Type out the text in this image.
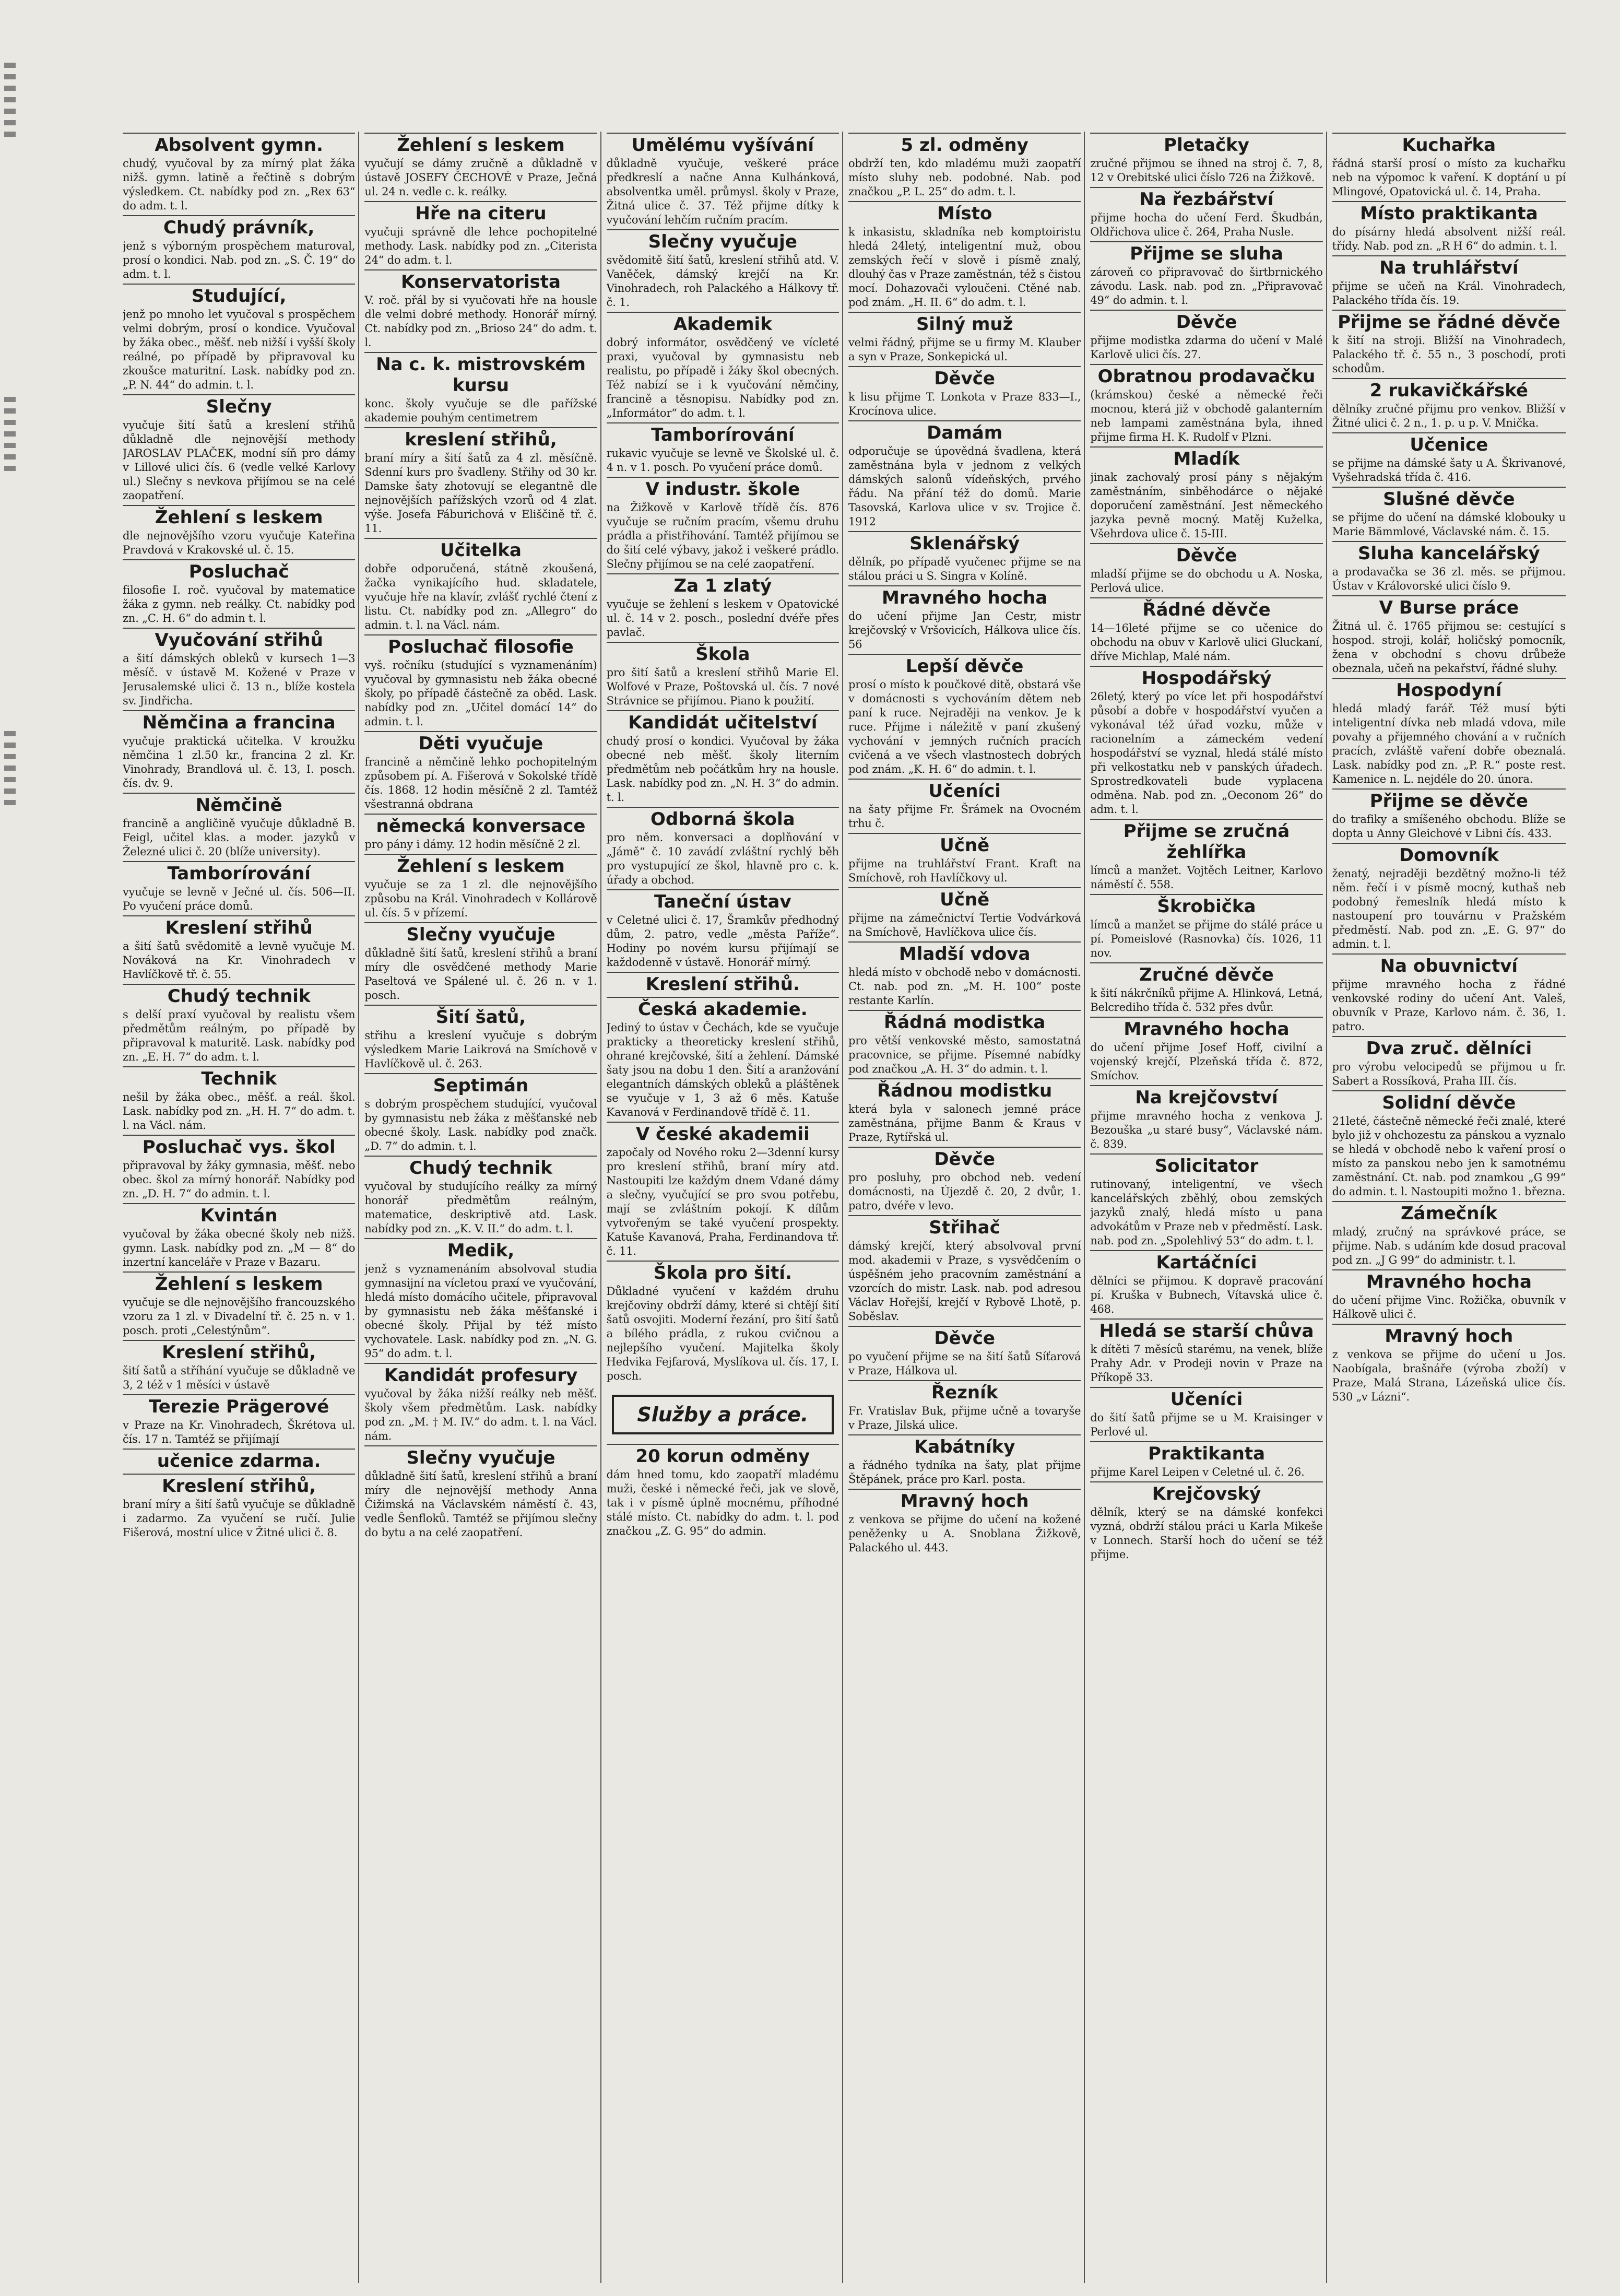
Absolvent gymn.
chudý, vyučoval by za mírný plat žáka nižš. gymn. latině a řečtině s dobrým výsledkem. Ct. nabídky pod zn. „Rex 63“ do adm. t. l.
Chudý právník,
jenž s výborným prospěchem maturoval, prosí o kondici. Nab. pod zn. „S. Č. 19“ do adm. t. l.
Studující,
jenž po mnoho let vyučoval s prospěchem velmi dobrým, prosí o kondice. Vyučoval by žáka obec., měšť. neb nižší i vyšší školy reálné, po případě by připravoval ku zkoušce maturitní. Lask. nabídky pod zn. „P. N. 44“ do admin. t. l.
Slečny
vyučuje šití šatů a kreslení střihů důkladně dle nejnovější methody JAROSLAV PLAČEK, modní síň pro dámy v Lillové ulici čís. 6 (vedle velké Karlovy ul.) Slečny s nevkova přijímou se na celé zaopatření.
Žehlení s leskem
dle nejnovějšího vzoru vyučuje Kateřina Pravdová v Krakovské ul. č. 15.
Posluchač
filosofie I. roč. vyučoval by matematice žáka z gymn. neb reálky. Ct. nabídky pod zn. „C. H. 6“ do admin t. l.
Vyučování střihů
a šití dámských obleků v kursech 1—3 měsíč. v ústavě M. Kožené v Praze v Jerusalemské ulici č. 13 n., blíže kostela sv. Jindřicha.
Němčina a francina
vyučuje praktická učitelka. V kroužku němčina 1 zl.50 kr., francina 2 zl. Kr. Vinohrady, Brandlová ul. č. 13, I. posch. čís. dv. 9.
Němčině
francině a angličině vyučuje důkladně B. Feigl, učitel klas. a moder. jazyků v Železné ulici č. 20 (blíže university).
Tamborírování
vyučuje se levně v Ječné ul. čís. 506—II. Po vyučení práce domů.
Kreslení střihů
a šití šatů svědomitě a levně vyučuje M. Nováková na Kr. Vinohradech v Havlíčkově tř. č. 55.
Chudý technik
s delší praxí vyučoval by realistu všem předmětům reálným, po případě by připravoval k maturitě. Lask. nabídky pod zn. „E. H. 7“ do adm. t. l.
Technik
nešil by žáka obec., měšť. a reál. škol. Lask. nabídky pod zn. „H. H. 7“ do adm. t. l. na Václ. nám.
Posluchač vys. škol
připravoval by žáky gymnasia, měšť. nebo obec. škol za mírný honorář. Nabídky pod zn. „D. H. 7“ do admin. t. l.
Kvintán
vyučoval by žáka obecné školy neb nižš. gymn. Lask. nabídky pod zn. „M — 8“ do inzertní kanceláře v Praze v Bazaru.
Žehlení s leskem
vyučuje se dle nejnovějšího francouzského vzoru za 1 zl. v Divadelní tř. č. 25 n. v 1. posch. proti „Celestýnům“.
Kreslení střihů,
šití šatů a stříhání vyučuje se důkladně ve 3, 2 též v 1 měsíci v ústavě
Terezie Prägerové
v Praze na Kr. Vinohradech, Škrétova ul. čís. 17 n. Tamtéž se přijímají
učenice zdarma.
Kreslení střihů,
braní míry a šití šatů vyučuje se důkladně i zadarmo. Za vyučení se ručí. Julie Fišerová, mostní ulice v Žitné ulici č. 8.
Žehlení s leskem
vyučují se dámy zručně a důkladně v ústavě JOSEFY ČECHOVÉ v Praze, Ječná ul. 24 n. vedle c. k. reálky.
Hře na citeru
vyučuji správně dle lehce pochopitelné methody. Lask. nabídky pod zn. „Citeristа 24“ do adm. t. l.
Konservatorista
V. roč. přál by si vyučovati hře na housle dle velmi dobré methody. Honorář mírný. Ct. nabídky pod zn. „Brioso 24“ do adm. t. l.
Na c. k. mistrovském kursu
konc. školy vyučuje se dle pařížské akademie pouhým centimetrem
kreslení střihů,
braní míry a šití šatů za 4 zl. měsíčně. Sdenní kurs pro švadleny. Střihy od 30 kr. Damske šaty zhotovují se elegantně dle nejnovějších pařížských vzorů od 4 zlat. výše. Josefa Fáburichová v Eliščině tř. č. 11.
Učitelka
dobře odporučená, státně zkoušená, žačka vynikajícího hud. skladatele, vyučuje hře na klavír, zvlášť rychlé čtení z listu. Ct. nabídky pod zn. „Allegro“ do admin. t. l. na Václ. nám.
Posluchač filosofie
vyš. ročníku (studující s vyznamenáním) vyučoval by gymnasistu neb žáka obecné školy, po případě částečně za oběd. Lask. nabídky pod zn. „Učitel domácí 14“ do admin. t. l.
Děti vyučuje
francině a němčině lehko pochopitelným způsobem pí. A. Fišerová v Sokolské třídě čís. 1868. 12 hodin měsíčně 2 zl. Tamtéž všestranná obdrana
německá konversace
pro pány i dámy. 12 hodin měsíčně 2 zl.
Žehlení s leskem
vyučuje se za 1 zl. dle nejnovějšího způsobu na Král. Vinohradech v Kollárově ul. čís. 5 v přízemí.
Slečny vyučuje
důkladně šití šatů, kreslení střihů a braní míry dle osvědčené methody Marie Paseltová ve Spálené ul. č. 26 n. v 1. posch.
Šití šatů,
střihu a kreslení vyučuje s dobrým výsledkem Marie Laikrová na Smíchově v Havlíčkově ul. č. 263.
Septimán
s dobrým prospěchem studující, vyučoval by gymnasistu neb žáka z měšťanské neb obecné školy. Lask. nabídky pod značk. „D. 7“ do admin. t. l.
Chudý technik
vyučoval by studujícího reálky za mírný honorář předmětům reálným, matematice, deskriptivě atd. Lask. nabídky pod zn. „K. V. II.“ do adm. t. l.
Medik,
jenž s vyznamenáním absolvoval studia gymnasijní na vícletou praxí ve vyučování, hledá místo domácího učitele, připravoval by gymnasistu neb žáka měšťanské i obecné školy. Přijal by též místo vychovatele. Lask. nabídky pod zn. „N. G. 95“ do adm. t. l.
Kandidát profesury
vyučoval by žáka nižší reálky neb měšť. školy všem předmětům. Lask. nabídky pod zn. „M. † M. IV.“ do adm. t. l. na Václ. nám.
Slečny vyučuje
důkladně šití šatů, kreslení střihů a braní míry dle nejnovější methody Anna Čižimská na Václavském náměstí č. 43, vedle Šenfloků. Tamtéž se přijímou slečny do bytu a na celé zaopatření.
Umělému vyšívání
důkladně vyučuje, veškeré práce předkreslí a načne Anna Kulhánková, absolventka uměl. průmysl. školy v Praze, Žitná ulice č. 37. Též přijme dítky k vyučování lehčím ručním pracím.
Slečny vyučuje
svědomitě šití šatů, kreslení střihů atd. V. Vaněček, dámský krejčí na Kr. Vinohradech, roh Palackého a Hálkovy tř. č. 1.
Akademik
dobrý informátor, osvědčený ve vícleté praxi, vyučoval by gymnasistu neb realistu, po případě i žáky škol obecných. Též nabízí se i k vyučování němčiny, francině a těsnopisu. Nabídky pod zn. „Informátor“ do adm. t. l.
Tamborírování
rukavic vyučuje se levně ve Školské ul. č. 4 n. v 1. posch. Po vyučení práce domů.
V industr. škole
na Žižkově v Karlově třídě čís. 876 vyučuje se ručním pracím, všemu druhu prádla a přistřihování. Tamtéž přijímou se do šití celé výbavy, jakož i veškeré prádlo. Slečny přijímou se na celé zaopatření.
Za 1 zlatý
vyučuje se žehlení s leskem v Opatovické ul. č. 14 v 2. posch., poslední dvéře přes pavlač.
Škola
pro šití šatů a kreslení střihů Marie El. Wolfové v Praze, Poštovská ul. čís. 7 nové Strávnice se přijímou. Piano k použití.
Kandidát učitelství
chudý prosí o kondici. Vyučoval by žáka obecné neb měšť. školy literním předmětům neb počátkům hry na housle. Lask. nabídky pod zn. „N. H. 3“ do admin. t. l.
Odborná škola
pro něm. konversaci a doplňování v „Jámě“ č. 10 zavádí zvláštní rychlý běh pro vystupující ze škol, hlavně pro c. k. úřady a obchod.
Taneční ústav
v Celetné ulici č. 17, Šramkův předhodný dům, 2. patro, vedle „města Paříže“. Hodiny po novém kursu přijímají se každodenně v ústavě. Honorář mírný.
Kreslení střihů.
Česká akademie.
Jediný to ústav v Čechách, kde se vyučuje prakticky a theoreticky kreslení střihů, ohrané krejčovské, šití a žehlení. Dámské šaty jsou na dobu 1 den. Šití a aranžování elegantních dámských obleků a pláštěnek se vyučuje v 1, 3 až 6 měs. Katuše Kavanová v Ferdinandově třídě č. 11.
V české akademii
započaly od Nového roku 2—3denní kursy pro kreslení střihů, braní míry atd. Nastoupiti lze každým dnem Vdané dámy a slečny, vyučující se pro svou potřebu, mají se zvláštním pokojí. K dílům vytvořeným se také vyučení prospekty. Katuše Kavanová, Praha, Ferdinandova tř. č. 11.
Škola pro šití.
Důkladné vyučení v každém druhu krejčoviny obdrží dámy, které si chtějí šití šatů osvojiti. Moderní řezání, pro šití šatů a bílého prádla, z rukou cvičnou a nejlepšího vyučení. Majitelka školy Hedvika Fejfarová, Myslíkova ul. čís. 17, I. posch.
Služby a práce.
20 korun odměny
dám hned tomu, kdo zaopatří mladému muži, české i německé řeči, jak ve slově, tak i v písmě úplně mocnému, příhodné stálé místo. Ct. nabídky do adm. t. l. pod značkou „Z. G. 95“ do admin.
5 zl. odměny
obdrží ten, kdo mladému muži zaopatří místo sluhy neb. podobné. Nab. pod značkou „P. L. 25“ do adm. t. l.
Místo
k inkasistu, skladníka neb komptoiristu hledá 24letý, inteligentní muž, obou zemských řečí v slově i písmě znalý, dlouhý čas v Praze zaměstnán, též s čistou mocí. Dohazovači vyloučeni. Ctěné nab. pod znám. „H. II. 6“ do adm. t. l.
Silný muž
velmi řádný, přijme se u firmy M. Klauber a syn v Praze, Sonkepická ul.
Děvče
k lisu přijme T. Lonkota v Praze 833—I., Krocínova ulice.
Damám
odporučuje se úpovědná švadlena, která zaměstnána byla v jednom z velkých dámských salonů vídeňských, prvého řádu. Na přání též do domů. Marie Tasovská, Karlova ulice v sv. Trojice č. 1912
Sklenářský
dělník, po případě vyučenec přijme se na stálou práci u S. Singra v Kolíně.
Mravného hocha
do učení přijme Jan Cestr, mistr krejčovský v Vršovicích, Hálkova ulice čís. 56
Lepší děvče
prosí o místo k poučkové ditě, obstará vše v domácnosti s vychováním dětem neb paní k ruce. Nejraději na venkov. Je k ruce. Přijme i náležitě v paní zkušený vychování v jemných ručních pracích cvičená a ve všech vlastnostech dobrých pod znám. „K. H. 6“ do admin. t. l.
Učeníci
na šaty přijme Fr. Šrámek na Ovocném trhu č.
Učně
přijme na truhlářství Frant. Kraft na Smíchově, roh Havlíčkovy ul.
Učně
přijme na zámečnictví Tertie Vodvárková na Smíchově, Havlíčkova ulice čís.
Mladší vdova
hledá místo v obchodě nebo v domácnosti. Ct. nab. pod zn. „M. H. 100“ poste restante Karlín.
Řádná modistka
pro větší venkovské město, samostatná pracovnice, se přijme. Písemné nabídky pod značkou „A. H. 3“ do admin. t. l.
Řádnou modistku
která byla v salonech jemné práce zaměstnána, přijme Banm & Kraus v Praze, Rytířská ul.
Děvče
pro posluhy, pro obchod neb. vedení domácnosti, na Újezdě č. 20, 2 dvůr, 1. patro, dvéře v levo.
Střihač
dámský krejčí, který absolvoval první mod. akademii v Praze, s vysvědčením o úspěšném jeho pracovním zaměstnání a vzorcích do mistr. Lask. nab. pod adresou Václav Hořejší, krejčí v Rybově Lhotě, p. Soběslav.
Děvče
po vyučení přijme se na šití šatů Síťarová v Praze, Hálkova ul.
Řezník
Fr. Vratislav Buk, přijme učně a tovaryše v Praze, Jilská ulice.
Kabátníky
a řádného tydníka na šaty, plat přijme Štěpánek, práce pro Karl. posta.
Mravný hoch
z venkova se přijme do učení na kožené peněženky u A. Snoblana Žižkově, Palackého ul. 443.
Pletačky
zručné přijmou se ihned na stroj č. 7, 8, 12 v Orebitské ulici číslo 726 na Žižkově.
Na řezbářství
přijme hocha do učení Ferd. Škudbán, Oldřichova ulice č. 264, Praha Nusle.
Přijme se sluha
zároveň co připravovač do širtbrnického závodu. Lask. nab. pod zn. „Připravovač 49“ do admin. t. l.
Děvče
přijme modistka zdarma do učení v Malé Karlově ulici čís. 27.
Obratnou prodavačku
(krámskou) české a německé řeči mocnou, která již v obchodě galanterním neb lampami zaměstnána byla, ihned přijme firma H. K. Rudolf v Plzni.
Mladík
jinak zachovalý prosí pány s nějakým zaměstnáním, sinběhodárce o nějaké doporučení zaměstnání. Jest německého jazyka pevně mocný. Matěj Kuželka, Všehrdova ulice č. 15-III.
Děvče
mladší přijme se do obchodu u A. Noska, Perlová ulice.
Řádné děvče
14—16leté přijme se co učenice do obchodu na obuv v Karlově ulici Gluckaní, dříve Michlap, Malé nám.
Hospodářský
26letý, který po více let při hospodářství působí a dobře v hospodářství vyučen a vykonával též úřad vozku, může v racionelním a zámeckém vedení hospodářství se vyznal, hledá stálé místo při velkostatku neb v panských úřadech. Sprostredkovateli bude vyplacena odměna. Nab. pod zn. „Oeconom 26“ do adm. t. l.
Přijme se zručná žehlířka
límců a manžet. Vojtěch Leitner, Karlovo náměstí č. 558.
Škrobička
límců a manžet se přijme do stálé práce u pí. Pomeislové (Rasnovka) čís. 1026, 11 nov.
Zručné děvče
k šití nákrčníků přijme A. Hlinková, Letná, Belcrediho třída č. 532 přes dvůr.
Mravného hocha
do učení přijme Josef Hoff, civilní a vojenský krejčí, Plzeňská třída č. 872, Smíchov.
Na krejčovství
přijme mravného hocha z venkova J. Bezouška „u staré busy“, Václavské nám. č. 839.
Solicitator
rutinovaný, inteligentní, ve všech kancelářských zběhlý, obou zemských jazyků znalý, hledá místo u pana advokátům v Praze neb v předměstí. Lask. nab. pod zn. „Spolehlivý 53“ do adm. t. l.
Kartáčníci
dělníci se přijmou. K dopravě pracování pí. Kruška v Bubnech, Vítavská ulice č. 468.
Hledá se starší chůva
k dítěti 7 měsíců starému, na venek, blíže Prahy Adr. v Prodeji novin v Praze na Příkopě 33.
Učeníci
do šití šatů přijme se u M. Kraisinger v Perlové ul.
Praktikanta
přijme Karel Leipen v Celetné ul. č. 26.
Krejčovský
dělník, který se na dámské konfekci vyzná, obdrží stálou práci u Karla Mikeše v Lonnech. Starší hoch do učení se též přijme.
Kuchařka
řádná starší prosí o místo za kuchařku neb na výpomoc k vaření. K doptání u pí Mlingové, Opatovická ul. č. 14, Praha.
Místo praktikanta
do písárny hledá absolvent nižší reál. třídy. Nab. pod zn. „R H 6“ do admin. t. l.
Na truhlářství
přijme se učeň na Král. Vinohradech, Palackého třída čís. 19.
Přijme se řádné děvče
k šití na stroji. Bližší na Vinohradech, Palackého tř. č. 55 n., 3 poschodí, proti schodům.
2 rukavičkářské
dělníky zručné přijmu pro venkov. Bližší v Žitné ulici č. 2 n., 1. p. u p. V. Mnička.
Učenice
se přijme na dámské šaty u A. Škrivanové, Vyšehradská třída č. 416.
Slušné děvče
se přijme do učení na dámské klobouky u Marie Bämmlové, Václavské nám. č. 15.
Sluha kancelářský
a prodavačka se 36 zl. měs. se přijmou. Ústav v Královorské ulici číslo 9.
V Burse práce
Žitná ul. č. 1765 přijmou se: cestující s hospod. stroji, kolář, holičský pomocník, žena v obchodní s chovu drůbeže obeznala, učeň na pekařství, řádné sluhy.
Hospodyní
hledá mladý farář. Též musí býti inteligentní dívka neb mladá vdova, mile povahy a přijemného chování a v ručních pracích, zvláště vaření dobře obeznalá. Lask. nabídky pod zn. „P. R.“ poste rest. Kamenice n. L. nejdéle do 20. února.
Přijme se děvče
do trafiky a smíšeného obchodu. Blíže se dopta u Anny Gleichové v Libni čís. 433.
Domovník
ženatý, nejraději bezdětný možno-li též něm. řečí i v písmě mocný, kuthaš neb podobný řemeslník hledá místo k nastoupení pro touvárnu v Pražském předměstí. Nab. pod zn. „E. G. 97“ do admin. t. l.
Na obuvnictví
přijme mravného hocha z řádné venkovské rodiny do učení Ant. Valeš, obuvník v Praze, Karlovo nám. č. 36, 1. patro.
Dva zruč. dělníci
pro výrobu velocipedů se přijmou u fr. Sabert a Rossíková, Praha III. čís.
Solidní děvče
21leté, částečně německé řeči znalé, které bylo již v ohchozestu za pánskou a vyznalo se hledá v obchodě nebo k vaření prosí o místo za panskou nebo jen k samotnému zaměstnání. Ct. nab. pod znamkou „G 99“ do admin. t. l. Nastoupiti možno 1. března.
Zámečník
mladý, zručný na správkové práce, se přijme. Nab. s udáním kde dosud pracoval pod zn. „J G 99“ do administr. t. l.
Mravného hocha
do učení přijme Vinc. Rožička, obuvník v Hálkově ulici č.
Mravný hoch
z venkova se přijme do učení u Jos. Naobígala, brašnáře (výroba zboží) v Praze, Malá Strana, Lázeňská ulice čís. 530 „v Lázni“.
